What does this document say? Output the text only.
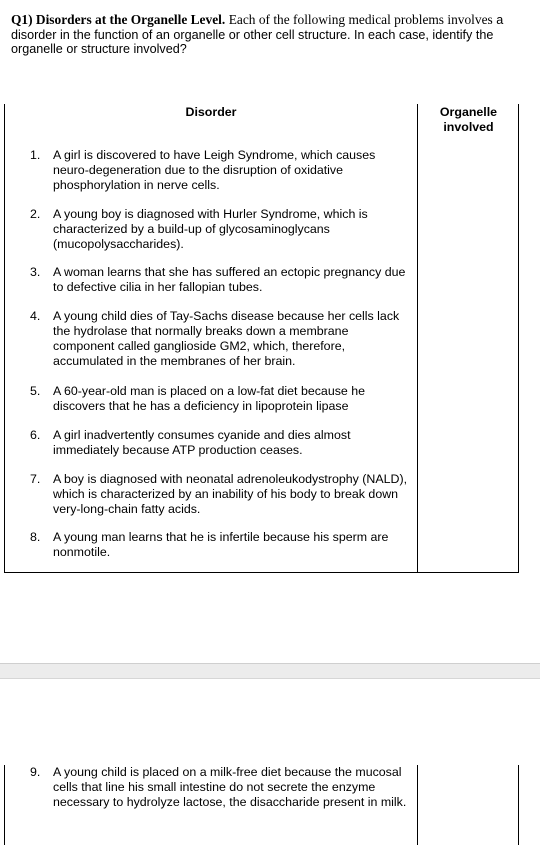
Q1) Disorders at the Organelle Level. Each of the following medical problems involves a disorder in the function of an organelle or other cell structure. In each case, identify the organelle or structure involved?
Disorder	Organelle
involved
1.	A girl is discovered to have Leigh Syndrome, which causes neuro-degeneration due to the disruption of oxidative phosphorylation in nerve cells.
2.	A young boy is diagnosed with Hurler Syndrome, which is characterized by a build-up of glycosaminoglycans (mucopolysaccharides).
3.	A woman learns that she has suffered an ectopic pregnancy due to defective cilia in her fallopian tubes.
4.	A young child dies of Tay-Sachs disease because her cells lack the hydrolase that normally breaks down a membrane component called ganglioside GM2, which, therefore, accumulated in the membranes of her brain.
5.	A 60-year-old man is placed on a low-fat diet because he discovers that he has a deficiency in lipoprotein lipase
6.	A girl inadvertently consumes cyanide and dies almost immediately because ATP production ceases.
7.	A boy is diagnosed with neonatal adrenoleukodystrophy (NALD), which is characterized by an inability of his body to break down very-long-chain fatty acids.
8.	A young man learns that he is infertile because his sperm are nonmotile.
9.	A young child is placed on a milk-free diet because the mucosal cells that line his small intestine do not secrete the enzyme necessary to hydrolyze lactose, the disaccharide present in milk.
